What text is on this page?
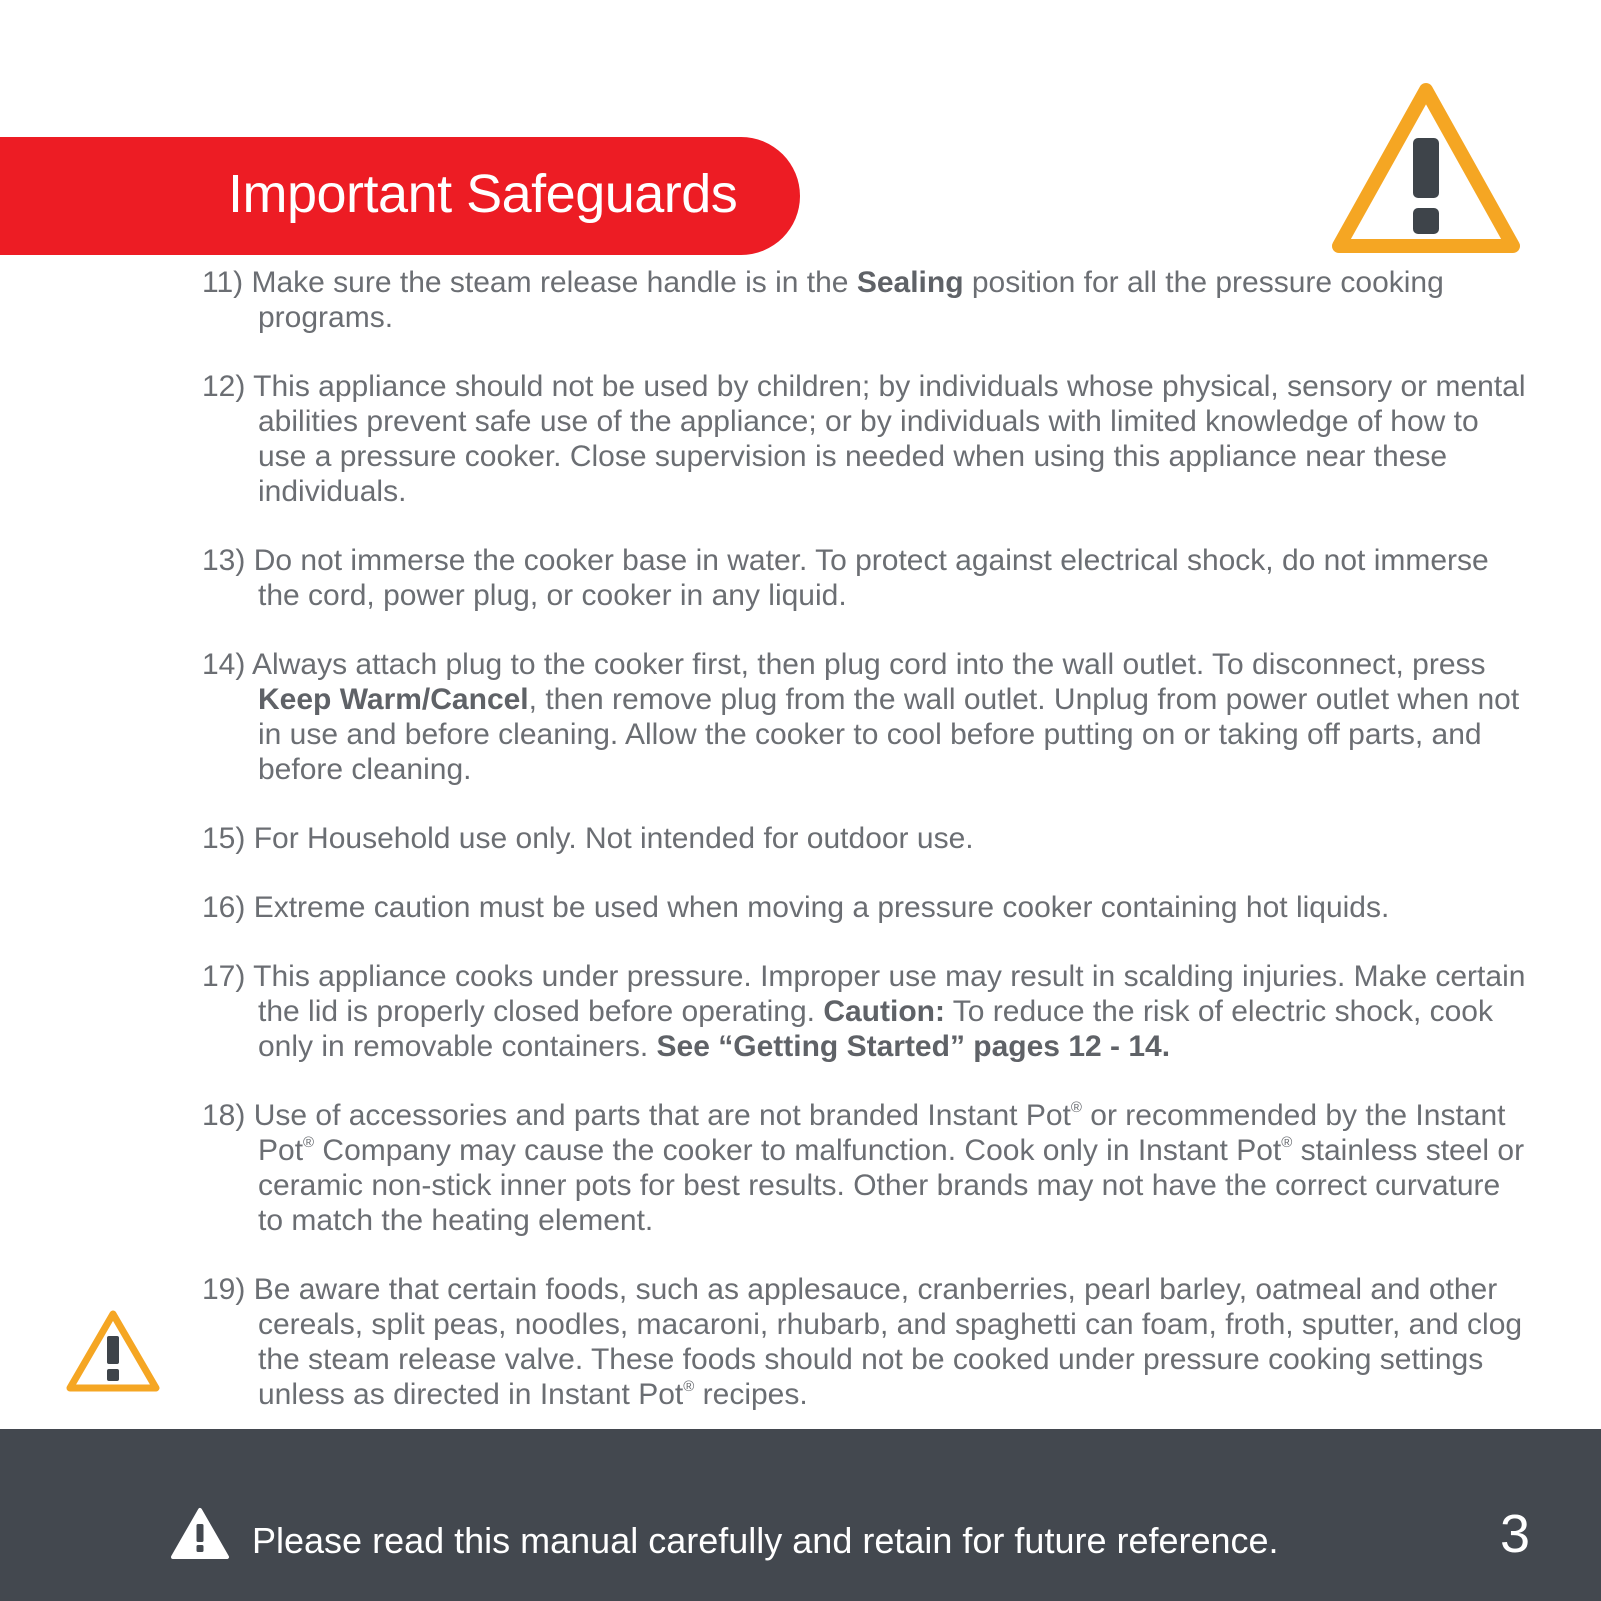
Important Safeguards

11) Make sure the steam release handle is in the Sealing position for all the pressure cooking programs.

12) This appliance should not be used by children; by individuals whose physical, sensory or mental abilities prevent safe use of the appliance; or by individuals with limited knowledge of how to use a pressure cooker. Close supervision is needed when using this appliance near these individuals.

13) Do not immerse the cooker base in water. To protect against electrical shock, do not immerse the cord, power plug, or cooker in any liquid.

14) Always attach plug to the cooker first, then plug cord into the wall outlet. To disconnect, press Keep Warm/Cancel, then remove plug from the wall outlet. Unplug from power outlet when not in use and before cleaning. Allow the cooker to cool before putting on or taking off parts, and before cleaning.

15) For Household use only. Not intended for outdoor use.

16) Extreme caution must be used when moving a pressure cooker containing hot liquids.

17) This appliance cooks under pressure. Improper use may result in scalding injuries. Make certain the lid is properly closed before operating. Caution: To reduce the risk of electric shock, cook only in removable containers. See “Getting Started” pages 12 - 14.

18) Use of accessories and parts that are not branded Instant Pot® or recommended by the Instant Pot® Company may cause the cooker to malfunction. Cook only in Instant Pot® stainless steel or ceramic non-stick inner pots for best results. Other brands may not have the correct curvature to match the heating element.

19) Be aware that certain foods, such as applesauce, cranberries, pearl barley, oatmeal and other cereals, split peas, noodles, macaroni, rhubarb, and spaghetti can foam, froth, sputter, and clog the steam release valve. These foods should not be cooked under pressure cooking settings unless as directed in Instant Pot® recipes.

Please read this manual carefully and retain for future reference.	3
